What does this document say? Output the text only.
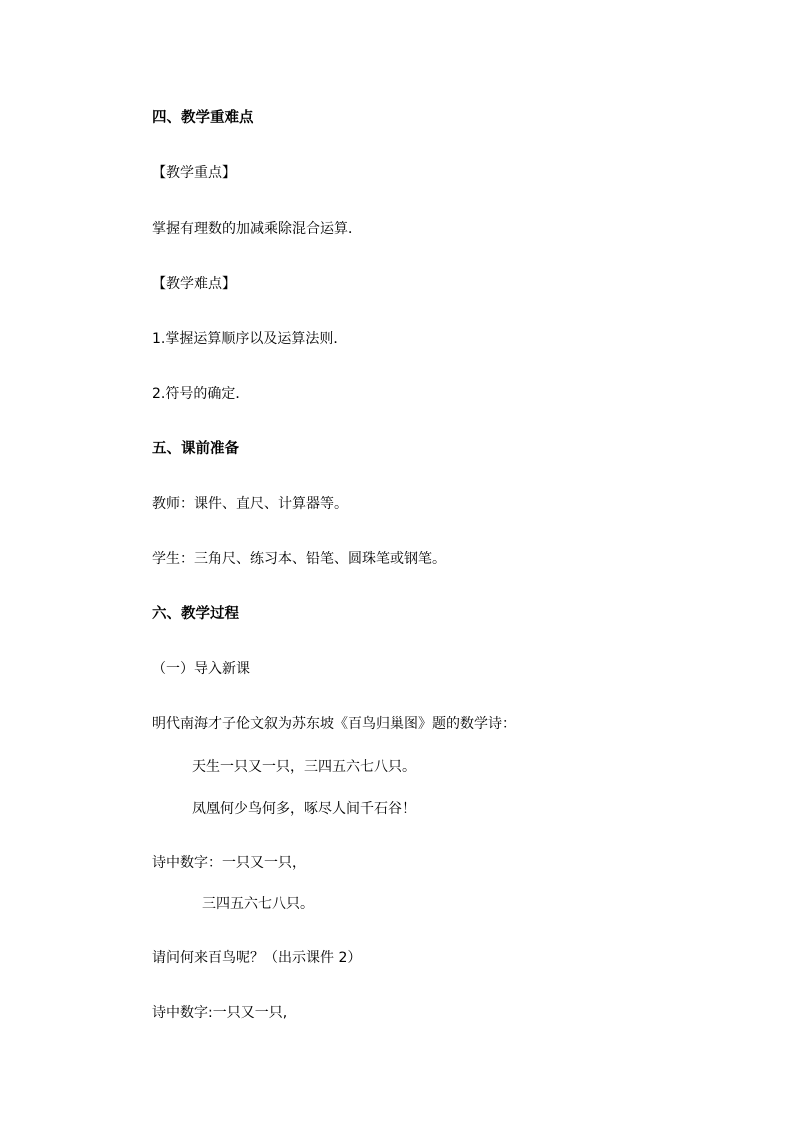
四、教学重难点
【教学重点】
掌握有理数的加减乘除混合运算．
【教学难点】
1.掌握运算顺序以及运算法则．
2.符号的确定．
五、课前准备
教师：课件、直尺、计算器等。
学生：三角尺、练习本、铅笔、圆珠笔或钢笔。
六、教学过程
（一）导入新课
明代南海才子伦文叙为苏东坡《百鸟归巢图》题的数学诗：
天生一只又一只，三四五六七八只。
凤凰何少鸟何多，啄尽人间千石谷！
诗中数字：一只又一只，
三四五六七八只。
请问何来百鸟呢？（出示课件 2）
诗中数字:一只又一只,
